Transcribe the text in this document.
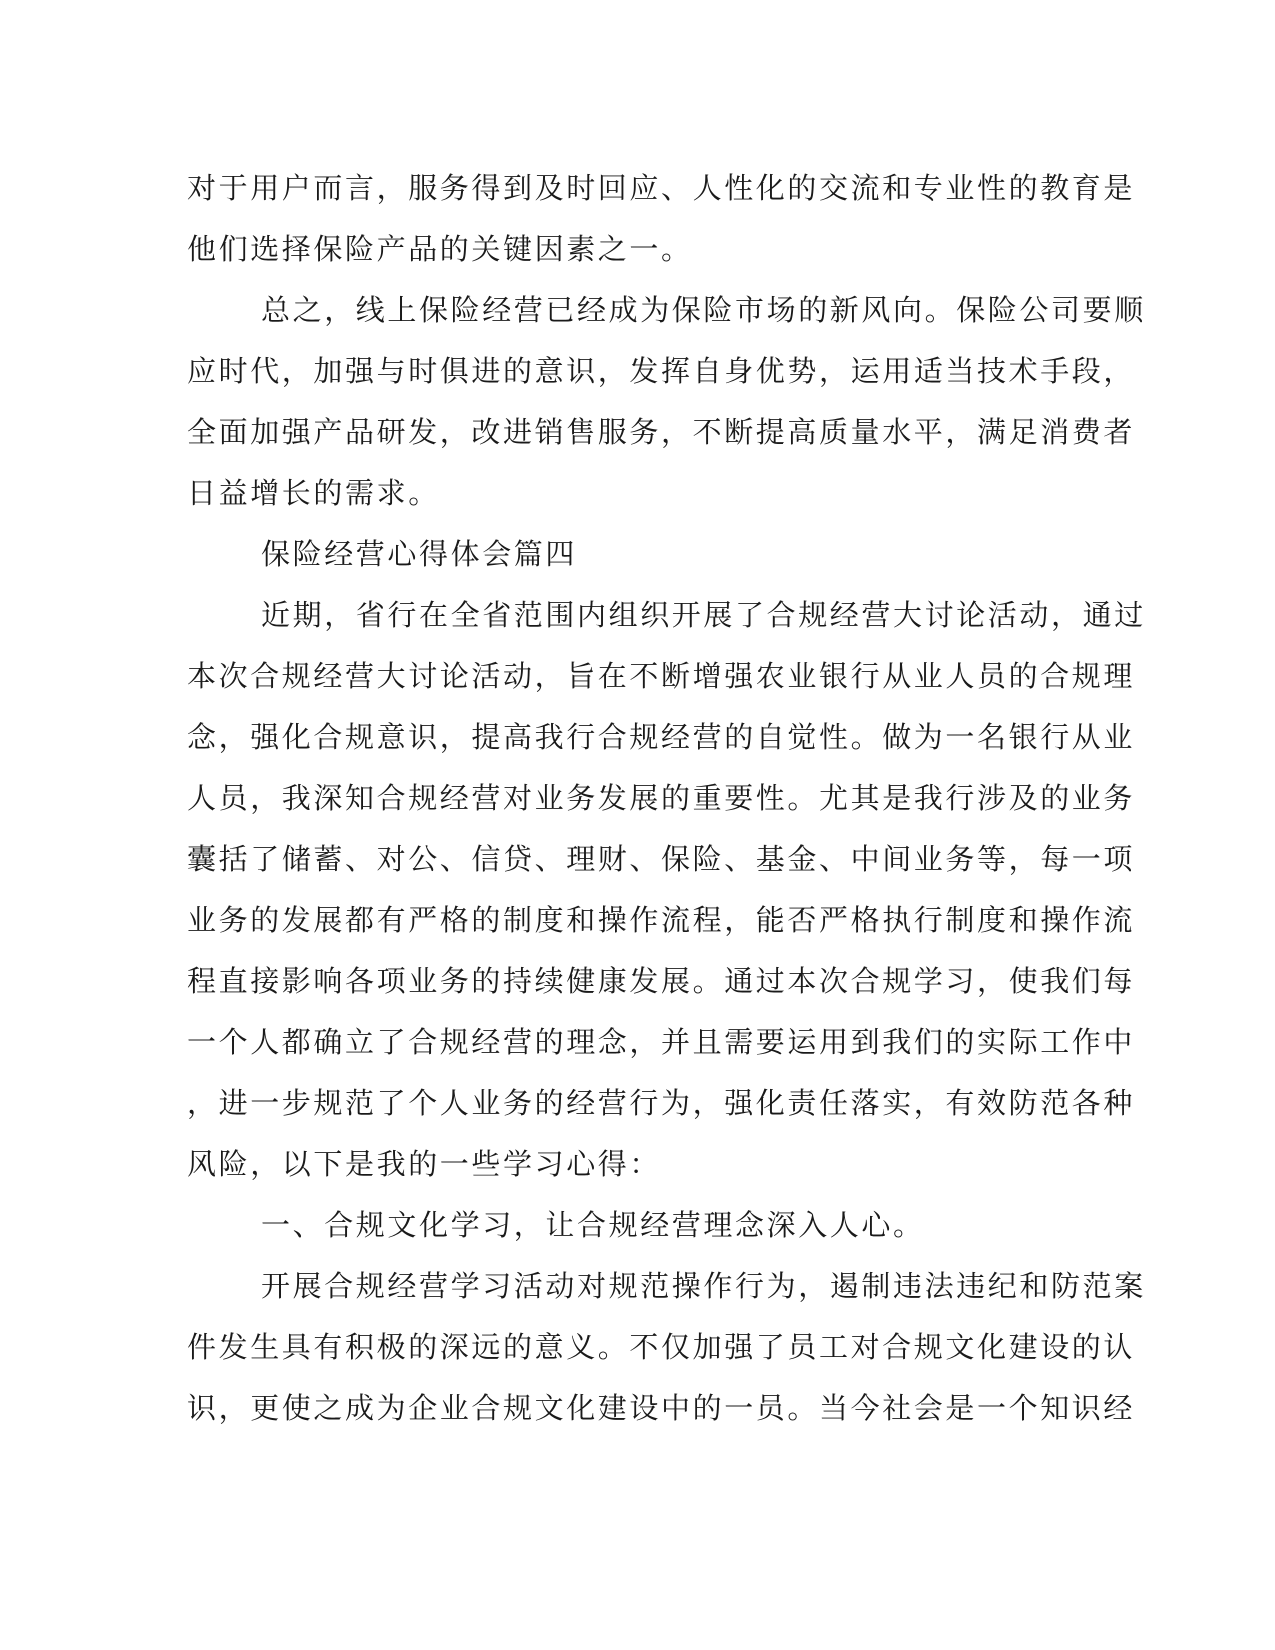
对于用户而言，服务得到及时回应、人性化的交流和专业性的教育是
他们选择保险产品的关键因素之一。
总之，线上保险经营已经成为保险市场的新风向。保险公司要顺
应时代，加强与时俱进的意识，发挥自身优势，运用适当技术手段，
全面加强产品研发，改进销售服务，不断提高质量水平，满足消费者
日益增长的需求。
保险经营心得体会篇四
近期，省行在全省范围内组织开展了合规经营大讨论活动，通过
本次合规经营大讨论活动，旨在不断增强农业银行从业人员的合规理
念，强化合规意识，提高我行合规经营的自觉性。做为一名银行从业
人员，我深知合规经营对业务发展的重要性。尤其是我行涉及的业务
囊括了储蓄、对公、信贷、理财、保险、基金、中间业务等，每一项
业务的发展都有严格的制度和操作流程，能否严格执行制度和操作流
程直接影响各项业务的持续健康发展。通过本次合规学习，使我们每
一个人都确立了合规经营的理念，并且需要运用到我们的实际工作中
，进一步规范了个人业务的经营行为，强化责任落实，有效防范各种
风险，以下是我的一些学习心得：
一、合规文化学习，让合规经营理念深入人心。
开展合规经营学习活动对规范操作行为，遏制违法违纪和防范案
件发生具有积极的深远的意义。不仅加强了员工对合规文化建设的认
识，更使之成为企业合规文化建设中的一员。当今社会是一个知识经
